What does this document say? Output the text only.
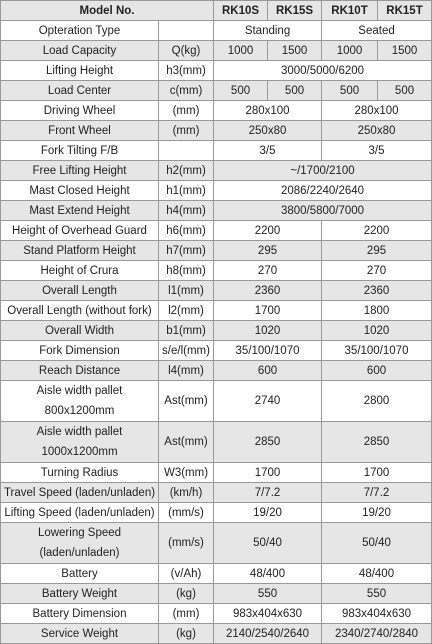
Model No.		RK10S	RK15S	RK10T	RK15T
Opteration Type		Standing		Seated	
Load Capacity	Q(kg)	1000	1500	1000	1500
Lifting Height	h3(mm)	3000/5000/6200			
Load Center	c(mm)	500	500	500	500
Driving Wheel	(mm)	280x100		280x100	
Front Wheel	(mm)	250x80		250x80	
Fork Tilting F/B		3/5		3/5	
Free Lifting Height	h2(mm)	~/1700/2100			
Mast Closed Height	h1(mm)	2086/2240/2640			
Mast Extend Height	h4(mm)	3800/5800/7000			
Height of Overhead Guard	h6(mm)	2200		2200	
Stand Platform Height	h7(mm)	295		295	
Height of Crura	h8(mm)	270		270	
Overall Length	l1(mm)	2360		2360	
Overall Length (without fork)	l2(mm)	1700		1800	
Overall Width	b1(mm)	1020		1020	
Fork Dimension	s/e/l(mm)	35/100/1070		35/100/1070	
Reach Distance	l4(mm)	600		600	
Aisle width pallet 800x1200mm	Ast(mm)	2740		2800	
Aisle width pallet 1000x1200mm	Ast(mm)	2850		2850	
Turning Radius	W3(mm)	1700		1700	
Travel Speed (laden/unladen)	(km/h)	7/7.2		7/7.2	
Lifting Speed (laden/unladen)	(mm/s)	19/20		19/20	
Lowering Speed (laden/unladen)	(mm/s)	50/40		50/40	
Battery	(v/Ah)	48/400		48/400	
Battery Weight	(kg)	550		550	
Battery Dimension	(mm)	983x404x630		983x404x630	
Service Weight	(kg)	2140/2540/2640		2340/2740/2840	
